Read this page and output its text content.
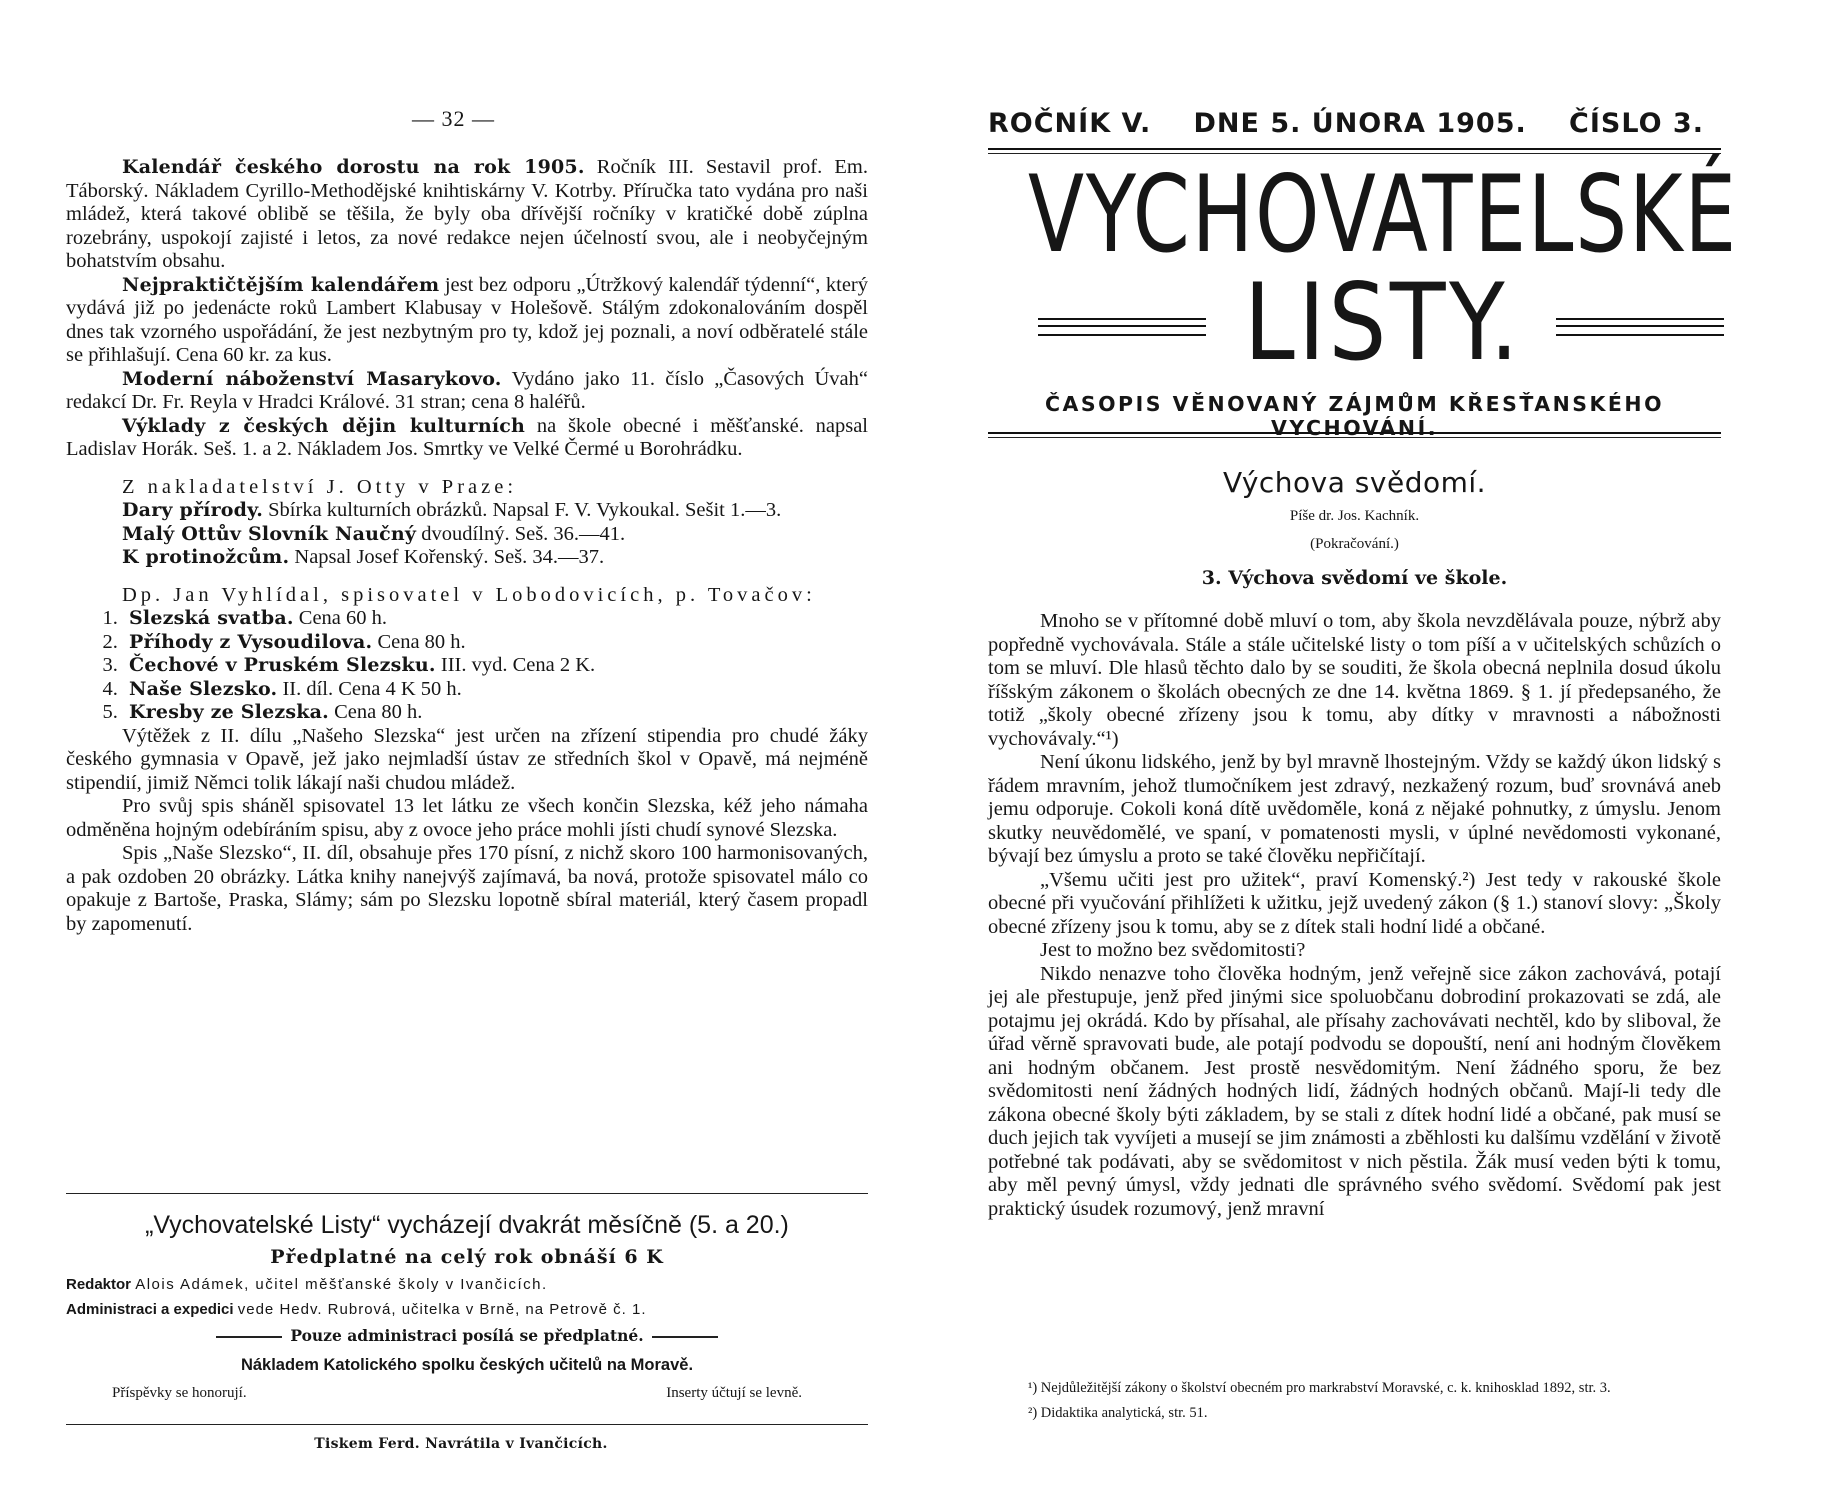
— 32 —

Kalendář českého dorostu na rok 1905. Ročník III. Sestavil prof. Em. Táborský. Nákladem Cyrillo-Methodějské knihtiskárny V. Kotrby. Příručka tato vydána pro naši mládež, která takové oblibě se těšila, že byly oba dřívější ročníky v kratičké době zúplna rozebrány, uspokojí zajisté i letos, za nové redakce nejen účelností svou, ale i neobyčejným bohatstvím obsahu.

Nejpraktičtějším kalendářem jest bez odporu „Útržkový kalendář týdenní“, který vydává již po jedenácte roků Lambert Klabusay v Holešově. Stálým zdokonalováním dospěl dnes tak vzorného uspořádání, že jest nezbytným pro ty, kdož jej poznali, a noví odběratelé stále se přihlašují. Cena 60 kr. za kus.

Moderní náboženství Masarykovo. Vydáno jako 11. číslo „Časových Úvah“ redakcí Dr. Fr. Reyla v Hradci Králové. 31 stran; cena 8 haléřů.

Výklady z českých dějin kulturních na škole obecné i měšťanské. napsal Ladislav Horák. Seš. 1. a 2. Nákladem Jos. Smrtky ve Velké Čermé u Borohrádku.

Z nakladatelství J. Otty v Praze:

Dary přírody. Sbírka kulturních obrázků. Napsal F. V. Vykoukal. Sešit 1.—3.

Malý Ottův Slovník Naučný dvoudílný. Seš. 36.—41.

K protinožcům. Napsal Josef Kořenský. Seš. 34.—37.

Dp. Jan Vyhlídal, spisovatel v Lobodovicích, p. Tovačov:

1. Slezská svatba. Cena 60 h.
2. Příhody z Vysoudilova. Cena 80 h.
3. Čechové v Pruském Slezsku. III. vyd. Cena 2 K.
4. Naše Slezsko. II. díl. Cena 4 K 50 h.
5. Kresby ze Slezska. Cena 80 h.

Výtěžek z II. dílu „Našeho Slezska“ jest určen na zřízení stipendia pro chudé žáky českého gymnasia v Opavě, jež jako nejmladší ústav ze středních škol v Opavě, má nejméně stipendií, jimiž Němci tolik lákají naši chudou mládež.

Pro svůj spis sháněl spisovatel 13 let látku ze všech končin Slezska, kéž jeho námaha odměněna hojným odebíráním spisu, aby z ovoce jeho práce mohli jísti chudí synové Slezska.

Spis „Naše Slezsko“, II. díl, obsahuje přes 170 písní, z nichž skoro 100 harmonisovaných, a pak ozdoben 20 obrázky. Látka knihy nanejvýš zajímavá, ba nová, protože spisovatel málo co opakuje z Bartoše, Praska, Slámy; sám po Slezsku lopotně sbíral materiál, který časem propadl by zapomenutí.

„Vychovatelské Listy“ vycházejí dvakrát měsíčně (5. a 20.)
Předplatné na celý rok obnáší 6 K
Redaktor Alois Adámek, učitel měšťanské školy v Ivančicích.
Administraci a expedici vede Hedv. Rubrová, učitelka v Brně, na Petrově č. 1.
Pouze administraci posílá se předplatné.
Nákladem Katolického spolku českých učitelů na Moravě.
Příspěvky se honorují.	Inserty účtují se levně.
Tiskem Ferd. Navrátila v Ivančicích.
ROČNÍK V. DNE 5. ÚNORA 1905. ČÍSLO 3.
VYCHOVATELSKÉ
LISTY.
ČASOPIS VĚNOVANÝ ZÁJMŮM KŘESŤANSKÉHO VYCHOVÁNÍ.
Výchova svědomí.
Píše dr. Jos. Kachník.
(Pokračování.)
3. Výchova svědomí ve škole.

Mnoho se v přítomné době mluví o tom, aby škola nevzdělávala pouze, nýbrž aby popředně vychovávala. Stále a stále učitelské listy o tom píší a v učitelských schůzích o tom se mluví. Dle hlasů těchto dalo by se souditi, že škola obecná neplnila dosud úkolu říšským zákonem o školách obecných ze dne 14. května 1869. § 1. jí předepsaného, že totiž „školy obecné zřízeny jsou k tomu, aby dítky v mravnosti a nábožnosti vychovávaly.“¹)

Není úkonu lidského, jenž by byl mravně lhostejným. Vždy se každý úkon lidský s řádem mravním, jehož tlumočníkem jest zdravý, nezkažený rozum, buď srovnává aneb jemu odporuje. Cokoli koná dítě uvědoměle, koná z nějaké pohnutky, z úmyslu. Jenom skutky neuvědomělé, ve spaní, v pomatenosti mysli, v úplné nevědomosti vykonané, bývají bez úmyslu a proto se také člověku nepřičítají.

„Všemu učiti jest pro užitek“, praví Komenský.²) Jest tedy v rakouské škole obecné při vyučování přihlížeti k užitku, jejž uvedený zákon (§ 1.) stanoví slovy: „Školy obecné zřízeny jsou k tomu, aby se z dítek stali hodní lidé a občané.

Jest to možno bez svědomitosti?

Nikdo nenazve toho člověka hodným, jenž veřejně sice zákon zachovává, potají jej ale přestupuje, jenž před jinými sice spoluobčanu dobrodiní prokazovati se zdá, ale potajmu jej okrádá. Kdo by přísahal, ale přísahy zachovávati nechtěl, kdo by sliboval, že úřad věrně spravovati bude, ale potají podvodu se dopouští, není ani hodným člověkem ani hodným občanem. Jest prostě nesvědomitým. Není žádného sporu, že bez svědomitosti není žádných hodných lidí, žádných hodných občanů. Mají-li tedy dle zákona obecné školy býti základem, by se stali z dítek hodní lidé a občané, pak musí se duch jejich tak vyvíjeti a musejí se jim známosti a zběhlosti ku dalšímu vzdělání v životě potřebné tak podávati, aby se svědomitost v nich pěstila. Žák musí veden býti k tomu, aby měl pevný úmysl, vždy jednati dle správného svého svědomí. Svědomí pak jest praktický úsudek rozumový, jenž mravní

¹) Nejdůležitější zákony o školství obecném pro markrabství Moravské, c. k. knihosklad 1892, str. 3.

²) Didaktika analytická, str. 51.
